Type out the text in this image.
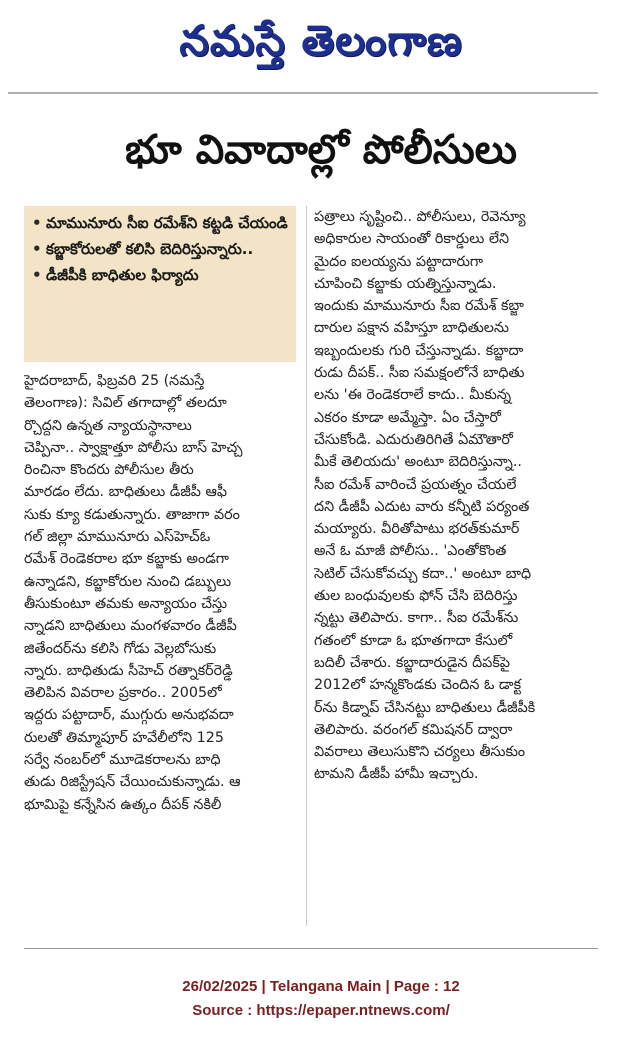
నమస్తే తెలంగాణ
భూ వివాదాల్లో పోలీసులు
• మామునూరు సీఐ రమేశ్‌ని కట్టడి చేయండి
• కబ్జాకోరులతో కలిసి బెదిరిస్తున్నారు..
• డీజీపీకి బాధితుల ఫిర్యాదు
హైదరాబాద్, ఫిబ్రవరి 25 (నమస్తే
తెలంగాణ): సివిల్ తగాదాల్లో తలదూ
ర్చొద్దని ఉన్నత న్యాయస్థానాలు
చెప్పినా.. స్వాక్షాత్తూ పోలీసు బాస్ హెచ్చ
రించినా కొందరు పోలీసుల తీరు
మారడం లేదు. బాధితులు డీజీపీ ఆఫీ
సుకు క్యూ కడుతున్నారు. తాజాగా వరం
గల్ జిల్లా మామునూరు ఎస్‌హెచ్‌ఓ
రమేశ్ రెండెకరాల భూ కబ్జాకు అండగా
ఉన్నాడని, కబ్జాకోరుల నుంచి డబ్బులు
తీసుకుంటూ తమకు అన్యాయం చేస్తు
న్నాడని బాధితులు మంగళవారం డీజీపీ
జితేందర్‌ను కలిసి గోడు వెల్లబోసుకు
న్నారు. బాధితుడు సీహెచ్ రత్నాకర్‌రెడ్డి
తెలిపిన వివరాల ప్రకారం.. 2005లో
ఇద్దరు పట్టాదార్, ముగ్గురు అనుభవదా
రులతో తిమ్మాపూర్ హవేలీలోని 125
సర్వే నంబర్‌లో మూడెకరాలను బాధి
తుడు రిజిస్ట్రేషన్ చేయించుకున్నాడు. ఆ
భూమిపై కన్నేసిన ఉత్కం దీపక్ నకిలీ
పత్రాలు సృష్టించి.. పోలీసులు, రెవెన్యూ
అధికారుల సాయంతో రికార్డులు లేని
మైదం ఐలయ్యను పట్టాదారుగా
చూపించి కబ్జాకు యత్నిస్తున్నాడు.
ఇందుకు మామునూరు సీఐ రమేశ్ కబ్జా
దారుల పక్షాన వహిస్తూ బాధితులను
ఇబ్బందులకు గురి చేస్తున్నాడు. కబ్జాదా
రుడు దీపక్.. సీఐ సమక్షంలోనే బాధితు
లను 'ఈ రెండెకరాలే కాదు.. మీకున్న
ఎకరం కూడా అమ్మేస్తా. ఏం చేస్తారో
చేసుకోండి. ఎదురుతిరిగితే ఏమౌతారో
మీకే తెలియదు' అంటూ బెదిరిస్తున్నా..
సీఐ రమేశ్ వారించే ప్రయత్నం చేయలే
దని డీజీపీ ఎదుట వారు కన్నీటి పర్యంత
మయ్యారు. వీరితోపాటు భరత్‌కుమార్
అనే ఓ మాజీ పోలీసు.. 'ఎంతోకొంత
సెటిల్ చేసుకోవచ్చు కదా..' అంటూ బాధి
తుల బంధువులకు ఫోన్ చేసి బెదిరిస్తు
న్నట్టు తెలిపారు. కాగా.. సీఐ రమేశ్‌ను
గతంలో కూడా ఓ భూతగాదా కేసులో
బదిలీ చేశారు. కబ్జాదారుడైన దీపక్‌పై
2012లో హన్మకొండకు చెందిన ఓ డాక్ట
ర్‌ను కిడ్నాప్ చేసినట్టు బాధితులు డీజీపీకి
తెలిపారు. వరంగల్ కమిషనర్ ద్వారా
వివరాలు తెలుసుకొని చర్యలు తీసుకుం
టామని డీజీపీ హామీ ఇచ్చారు.
26/02/2025 | Telangana Main | Page : 12
Source : https://epaper.ntnews.com/
